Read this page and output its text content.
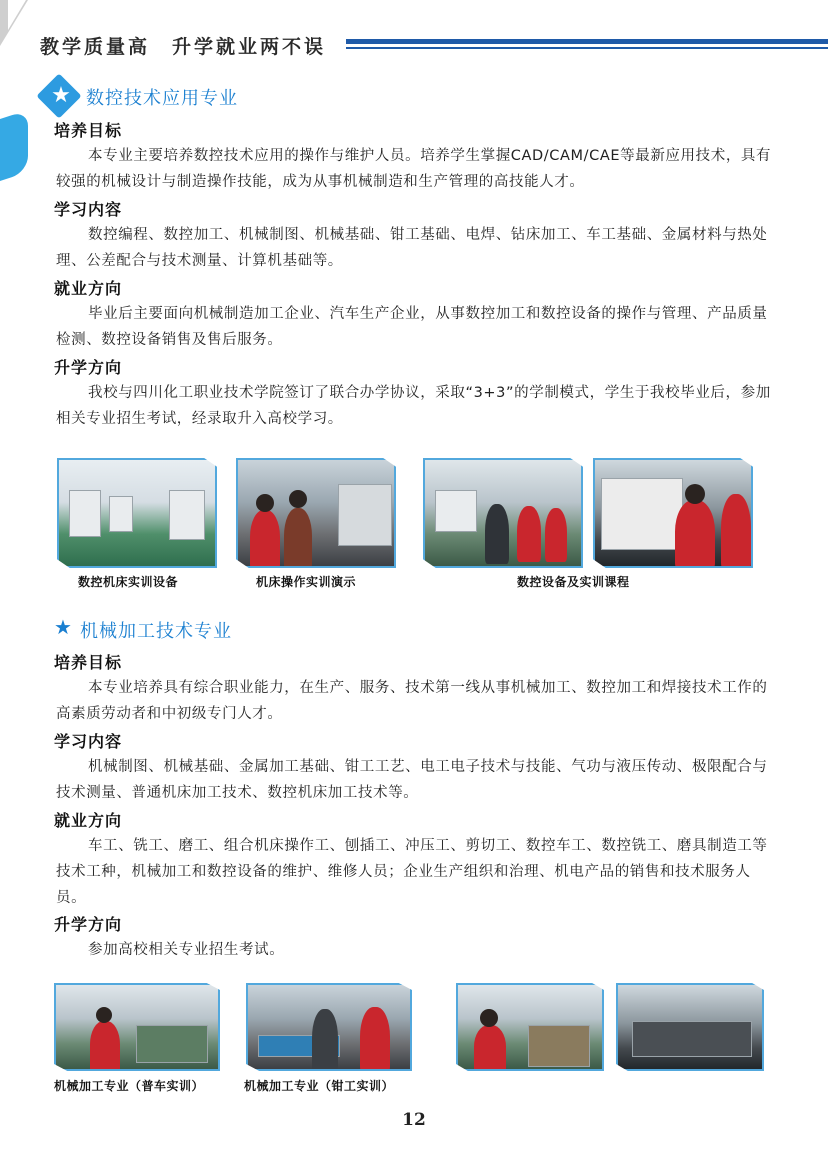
教学质量高　升学就业两不误
★ 数控技术应用专业
培养目标
本专业主要培养数控技术应用的操作与维护人员。培养学生掌握CAD/CAM/CAE等最新应用技术，具有较强的机械设计与制造操作技能，成为从事机械制造和生产管理的高技能人才。
学习内容
数控编程、数控加工、机械制图、机械基础、钳工基础、电焊、钻床加工、车工基础、金属材料与热处理、公差配合与技术测量、计算机基础等。
就业方向
毕业后主要面向机械制造加工企业、汽车生产企业，从事数控加工和数控设备的操作与管理、产品质量检测、数控设备销售及售后服务。
升学方向
我校与四川化工职业技术学院签订了联合办学协议，采取“3+3”的学制模式，学生于我校毕业后，参加相关专业招生考试，经录取升入高校学习。
数控机床实训设备	机床操作实训演示	数控设备及实训课程
★ 机械加工技术专业
培养目标
本专业培养具有综合职业能力，在生产、服务、技术第一线从事机械加工、数控加工和焊接技术工作的高素质劳动者和中初级专门人才。
学习内容
机械制图、机械基础、金属加工基础、钳工工艺、电工电子技术与技能、气功与液压传动、极限配合与技术测量、普通机床加工技术、数控机床加工技术等。
就业方向
车工、铣工、磨工、组合机床操作工、刨插工、冲压工、剪切工、数控车工、数控铣工、磨具制造工等技术工种，机械加工和数控设备的维护、维修人员；企业生产组织和治理、机电产品的销售和技术服务人员。
升学方向
参加高校相关专业招生考试。
机械加工专业（普车实训）	机械加工专业（钳工实训）
12
